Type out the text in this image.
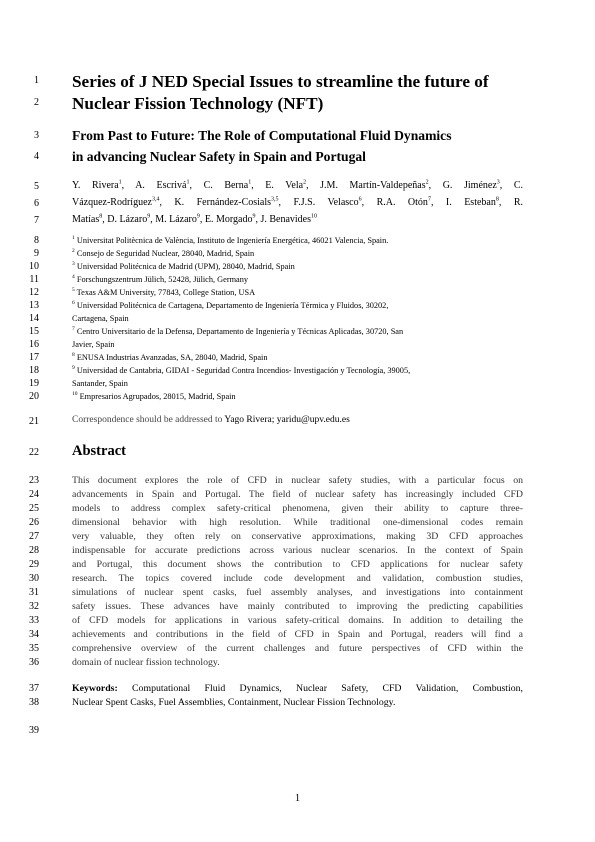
1
2
3
4
5
6
7
8
9
10
11
12
13
14
15
16
17
18
19
20
21
22
23
24
25
26
27
28
29
30
31
32
33
34
35
36
37
38
39
Series of J NED Special Issues to streamline the future of
Nuclear Fission Technology (NFT)
From Past to Future: The Role of Computational Fluid Dynamics
in advancing Nuclear Safety in Spain and Portugal
Y. Rivera$^1$, A. Escrivá$^1$, C. Berna$^1$, E. Vela$^2$, J.M. Martín-Valdepeñas$^2$, G. Jiménez$^3$, C.
Vázquez-Rodríguez$^{3,4}$, K. Fernández-Cosials$^{3,5}$, F.J.S. Velasco$^6$, R.A. Otón$^7$, I. Esteban$^8$, R.
Matías$^8$, D. Lázaro$^9$, M. Lázaro$^9$, E. Morgado$^9$, J. Benavides$^{10}$
$^1$ Universitat Politècnica de València, Instituto de Ingeniería Energética, 46021 Valencia, Spain.
$^2$ Consejo de Seguridad Nuclear, 28040, Madrid, Spain
$^3$ Universidad Politécnica de Madrid (UPM), 28040, Madrid, Spain
$^4$ Forschungszentrum Jülich, 52428, Jülich, Germany
$^5$ Texas A&M University, 77843, College Station, USA
$^6$ Universidad Politécnica de Cartagena, Departamento de Ingeniería Térmica y Fluidos, 30202,
Cartagena, Spain
$^7$ Centro Universitario de la Defensa, Departamento de Ingeniería y Técnicas Aplicadas, 30720, San
Javier, Spain
$^8$ ENUSA Industrias Avanzadas, SA, 28040, Madrid, Spain
$^9$ Universidad de Cantabria, GIDAI - Seguridad Contra Incendios- Investigación y Tecnología, 39005,
Santander, Spain
$^{10}$ Empresarios Agrupados, 28015, Madrid, Spain
Correspondence should be addressed to Yago Rivera; yaridu@upv.edu.es
Abstract
This document explores the role of CFD in nuclear safety studies, with a particular focus on
advancements in Spain and Portugal. The field of nuclear safety has increasingly included CFD
models to address complex safety-critical phenomena, given their ability to capture three-
dimensional behavior with high resolution. While traditional one-dimensional codes remain
very valuable, they often rely on conservative approximations, making 3D CFD approaches
indispensable for accurate predictions across various nuclear scenarios. In the context of Spain
and Portugal, this document shows the contribution to CFD applications for nuclear safety
research. The topics covered include code development and validation, combustion studies,
simulations of nuclear spent casks, fuel assembly analyses, and investigations into containment
safety issues. These advances have mainly contributed to improving the predicting capabilities
of CFD models for applications in various safety-critical domains. In addition to detailing the
achievements and contributions in the field of CFD in Spain and Portugal, readers will find a
comprehensive overview of the current challenges and future perspectives of CFD within the
domain of nuclear fission technology.
Keywords: Computational Fluid Dynamics, Nuclear Safety, CFD Validation, Combustion,
Nuclear Spent Casks, Fuel Assemblies, Containment, Nuclear Fission Technology.
1
